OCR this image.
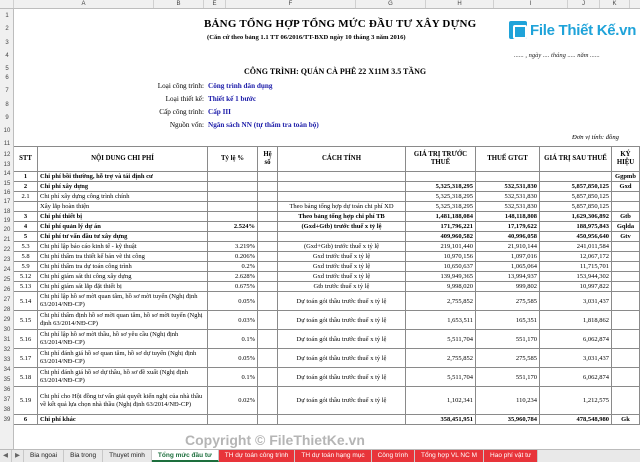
A	B	E	F	G	H	I	J	K
1
2
3
4
5
6
7
8
9
10
11
12
13
14
15
16
17
18
19
20
21
22
23
24
25
26
27
28
29
30
31
32
33
34
35
36
37
38
39
BẢNG TỔNG HỢP TỔNG MỨC ĐẦU TƯ XÂY DỰNG
(Căn cứ theo bảng 1.1 TT 06/2016/TT-BXD ngày 10 tháng 3 năm 2016)	File Thiết Kế.vn
...... , ngày .... tháng ..... năm ......
CÔNG TRÌNH: QUÁN CÀ PHÊ 22 X11M 3.5 TẦNG
Loại công trình: Công trình dân dụng
Loại thiết kế: Thiết kế 1 bước
Cấp công trình: Cấp III
Nguồn vốn: Ngân sách NN (tự thẩm tra toàn bộ)
Đơn vị tính: đồng
STT	NỘI DUNG CHI PHÍ	Tỷ lệ %	Hệ số	CÁCH TÍNH	GIÁ TRỊ TRƯỚC THUẾ	THUẾ GTGT	GIÁ TRỊ SAU THUẾ	KÝ HIỆU
1	Chi phí bồi thường, hỗ trợ và tái định cư							Ggpmb
2	Chi phí xây dựng				5,325,318,295	532,531,830	5,857,850,125	Gxd
2.1	Chi phí xây dựng công trình chính				5,325,318,295	532,531,830	5,857,850,125	
	Xây lắp hoàn thiện			Theo bảng tổng hợp dự toán chi phí XD	5,325,318,295	532,531,830	5,857,850,125	
3	Chi phí thiết bị			Theo bảng tổng hợp chi phí TB	1,481,188,084	148,118,808	1,629,306,892	Gtb
4	Chi phí quản lý dự án	2.524%		(Gxd+Gtb) trước thuế x tỷ lệ	171,796,221	17,179,622	188,975,843	Gqlda
5	Chi phí tư vấn đầu tư xây dựng				409,960,582	40,996,058	450,956,640	Gtv
5.3	Chi phí lập báo cáo kinh tế - kỹ thuật	3.219%		(Gxd+Gtb) trước thuế x tỷ lệ	219,101,440	21,910,144	241,011,584	
5.8	Chi phí thẩm tra thiết kế bản vẽ thi công	0.206%		Gxd trước thuế x tỷ lệ	10,970,156	1,097,016	12,067,172	
5.9	Chi phí thẩm tra dự toán công trình	0.2%		Gxd trước thuế x tỷ lệ	10,650,637	1,065,064	11,715,701	
5.12	Chi phí giám sát thi công xây dựng	2.628%		Gxd trước thuế x tỷ lệ	139,949,365	13,994,937	153,944,302	
5.13	Chi phí giám sát lắp đặt thiết bị	0.675%		Gtb trước thuế x tỷ lệ	9,998,020	999,802	10,997,822	
5.14	Chi phí lập hồ sơ mời quan tâm, hồ sơ mời tuyển (Nghị định 63/2014/NĐ-CP)	0.05%		Dự toán gói thầu trước thuế x tỷ lệ	2,755,852	275,585	3,031,437	
5.15	Chi phí thẩm định hồ sơ mời quan tâm, hồ sơ mời tuyển (Nghị định 63/2014/NĐ-CP)	0.03%		Dự toán gói thầu trước thuế x tỷ lệ	1,653,511	165,351	1,818,862	
5.16	Chi phí lập hồ sơ mời thầu, hồ sơ yêu cầu (Nghị định 63/2014/NĐ-CP)	0.1%		Dự toán gói thầu trước thuế x tỷ lệ	5,511,704	551,170	6,062,874	
5.17	Chi phí đánh giá hồ sơ quan tâm, hồ sơ dự tuyển (Nghị định 63/2014/NĐ-CP)	0.05%		Dự toán gói thầu trước thuế x tỷ lệ	2,755,852	275,585	3,031,437	
5.18	Chi phí đánh giá hồ sơ dự thầu, hồ sơ đề xuất (Nghị định 63/2014/NĐ-CP)	0.1%		Dự toán gói thầu trước thuế x tỷ lệ	5,511,704	551,170	6,062,874	
5.19	Chi phí cho Hội đồng tư vấn giải quyết kiến nghị của nhà thầu về kết quả lựa chọn nhà thầu (Nghị định 63/2014/NĐ-CP)	0.02%		Dự toán gói thầu trước thuế x tỷ lệ	1,102,341	110,234	1,212,575	
6	Chi phí khác				358,451,951	35,960,784	478,548,980	Gk
Copyright © FileThietKe.vn
◀	▶	Bia ngoai	Bia trong	Thuyet minh	Tổng mức đầu tư	TH dự toán công trình	TH dự toán hạng mục	Công trình	Tổng hợp VL NC M	Hao phí vật tư
